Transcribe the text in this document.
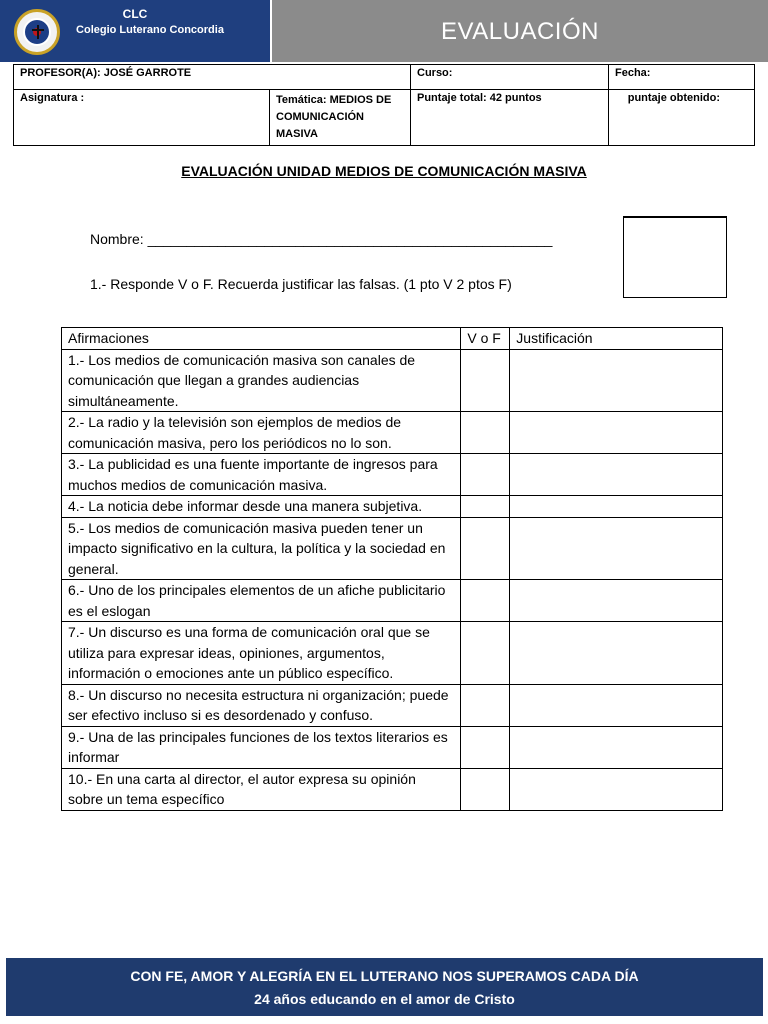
CLC
Colegio Luterano Concordia	EVALUACIÓN
PROFESOR(A): JOSÉ GARROTE		Curso:	Fecha:
Asignatura :	Temática: MEDIOS DE COMUNICACIÓN MASIVA	Puntaje total: 42 puntos	puntaje obtenido:
EVALUACIÓN UNIDAD MEDIOS DE COMUNICACIÓN MASIVA
Nombre: ____________________________________________________
1.- Responde V o F. Recuerda justificar las falsas. (1 pto V 2 ptos F)
Afirmaciones	V o F	Justificación
1.- Los medios de comunicación masiva son canales de comunicación que llegan a grandes audiencias simultáneamente.		
2.- La radio y la televisión son ejemplos de medios de comunicación masiva, pero los periódicos no lo son.		
3.- La publicidad es una fuente importante de ingresos para muchos medios de comunicación masiva.		
4.- La noticia debe informar desde una manera subjetiva.		
5.- Los medios de comunicación masiva pueden tener un impacto significativo en la cultura, la política y la sociedad en general.		
6.- Uno de los principales elementos de un afiche publicitario es el eslogan		
7.- Un discurso es una forma de comunicación oral que se utiliza para expresar ideas, opiniones, argumentos, información o emociones ante un público específico.		
8.- Un discurso no necesita estructura ni organización; puede ser efectivo incluso si es desordenado y confuso.		
9.- Una de las principales funciones de los textos literarios es informar		
10.- En una carta al director, el autor expresa su opinión sobre un tema específico		
CON FE, AMOR Y ALEGRÍA EN EL LUTERANO NOS SUPERAMOS CADA DÍA
24 años educando en el amor de Cristo
